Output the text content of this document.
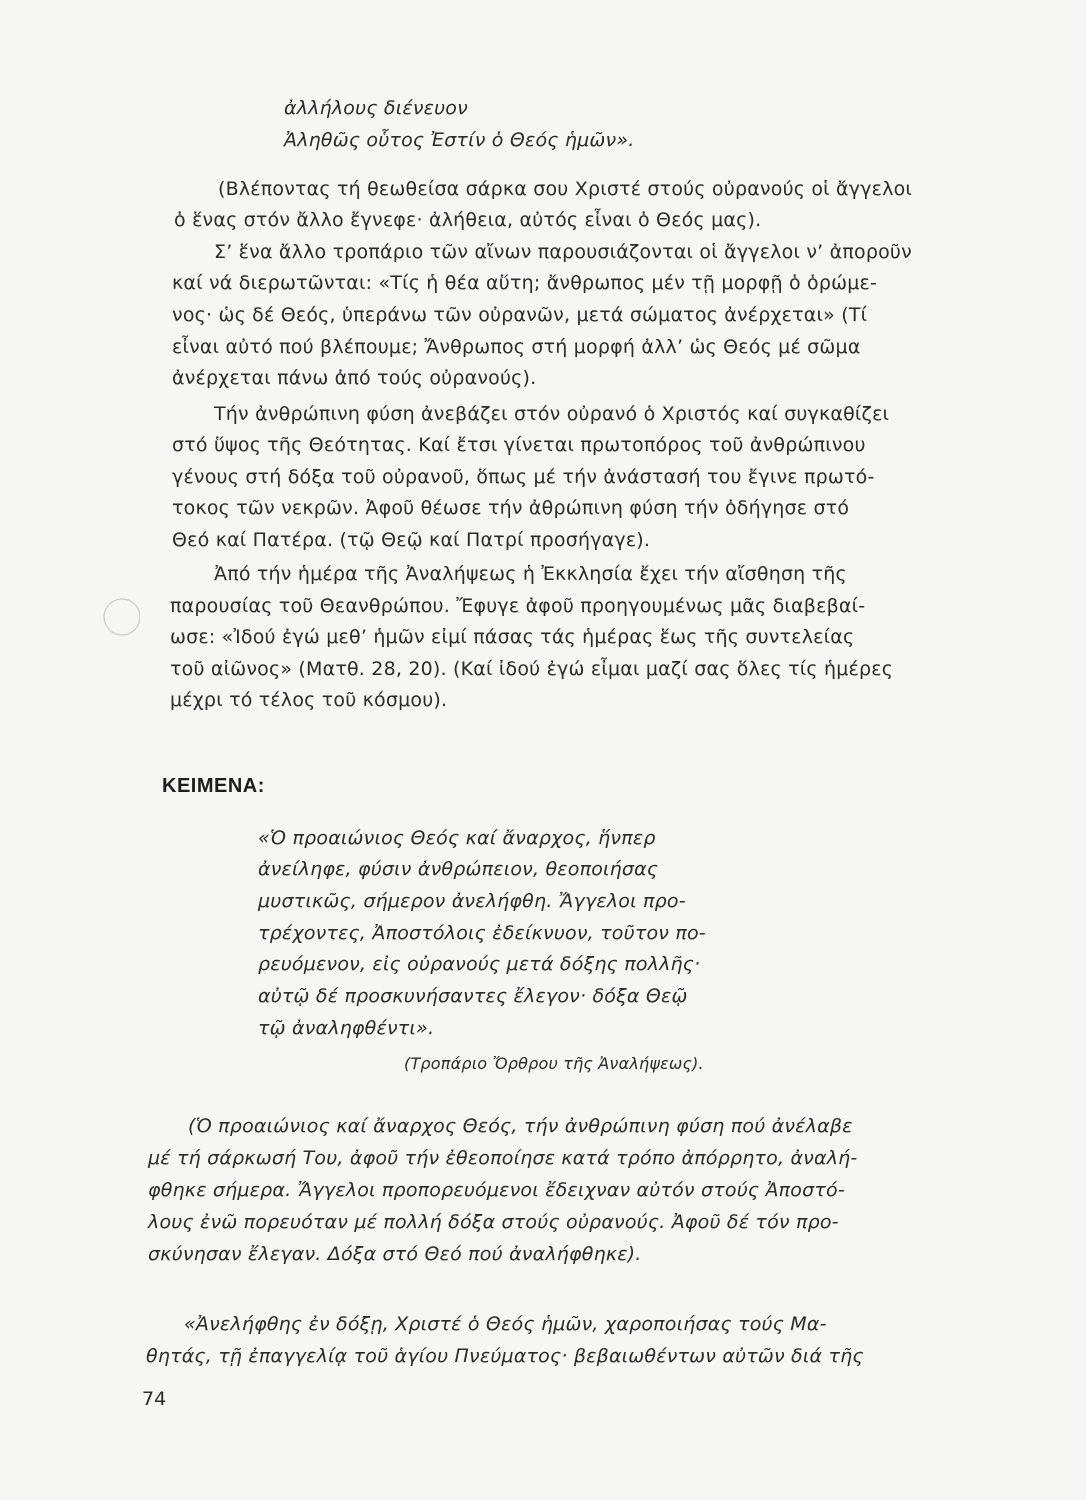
ἀλλήλους διένευον
Ἀληθῶς οὗτος Ἐστίν ὁ Θεός ἡμῶν».
(Βλέποντας τή θεωθείσα σάρκα σου Χριστέ στούς οὐρανούς οἱ ἄγγελοι
ὁ ἕνας στόν ἄλλο ἔγνεφε· ἀλήθεια, αὐτός εἶναι ὁ Θεός μας).
Σ’ ἕνα ἄλλο τροπάριο τῶν αἴνων παρουσιάζονται οἱ ἄγγελοι ν’ ἀποροῦν
καί νά διερωτῶνται: «Τίς ἡ θέα αὕτη; ἄνθρωπος μέν τῇ μορφῇ ὁ ὁρώμε-
νος· ὡς δέ Θεός, ὑπεράνω τῶν οὐρανῶν, μετά σώματος ἀνέρχεται» (Τί
εἶναι αὐτό πού βλέπουμε; Ἄνθρωπος στή μορφή ἀλλ’ ὡς Θεός μέ σῶμα
ἀνέρχεται πάνω ἀπό τούς οὐρανούς).
Τήν ἀνθρώπινη φύση ἀνεβάζει στόν οὐρανό ὁ Χριστός καί συγκαθίζει
στό ὕψος τῆς Θεότητας. Καί ἔτσι γίνεται πρωτοπόρος τοῦ ἀνθρώπινου
γένους στή δόξα τοῦ οὐρανοῦ, ὅπως μέ τήν ἀνάστασή του ἔγινε πρωτό-
τοκος τῶν νεκρῶν. Ἀφοῦ θέωσε τήν ἀθρώπινη φύση τήν ὁδήγησε στό
Θεό καί Πατέρα. (τῷ Θεῷ καί Πατρί προσήγαγε).
Ἀπό τήν ἡμέρα τῆς Ἀναλήψεως ἡ Ἐκκλησία ἔχει τήν αἴσθηση τῆς
παρουσίας τοῦ Θεανθρώπου. Ἔφυγε ἀφοῦ προηγουμένως μᾶς διαβεβαί-
ωσε: «Ἰδού ἐγώ μεθ’ ἡμῶν εἰμί πάσας τάς ἡμέρας ἕως τῆς συντελείας
τοῦ αἰῶνος» (Ματθ. 28, 20). (Καί ἰδού ἐγώ εἶμαι μαζί σας ὅλες τίς ἡμέρες
μέχρι τό τέλος τοῦ κόσμου).
ΚΕΙΜΕΝΑ:
«Ὁ προαιώνιος Θεός καί ἄναρχος, ἥνπερ
ἀνείληφε, φύσιν ἀνθρώπειον, θεοποιήσας
μυστικῶς, σήμερον ἀνελήφθη. Ἄγγελοι προ-
τρέχοντες, Ἀποστόλοις ἐδείκνυον, τοῦτον πο-
ρευόμενον, εἰς οὐρανούς μετά δόξης πολλῆς·
αὐτῷ δέ προσκυνήσαντες ἔλεγον· δόξα Θεῷ
τῷ ἀναληφθέντι».
(Τροπάριο Ὄρθρου τῆς Ἀναλήψεως).
(Ὁ προαιώνιος καί ἄναρχος Θεός, τήν ἀνθρώπινη φύση πού ἀνέλαβε
μέ τή σάρκωσή Του, ἀφοῦ τήν ἐθεοποίησε κατά τρόπο ἀπόρρητο, ἀναλή-
φθηκε σήμερα. Ἄγγελοι προπορευόμενοι ἔδειχναν αὐτόν στούς Ἀποστό-
λους ἐνῶ πορευόταν μέ πολλή δόξα στούς οὐρανούς. Ἀφοῦ δέ τόν προ-
σκύνησαν ἔλεγαν. Δόξα στό Θεό πού ἀναλήφθηκε).
«Ἀνελήφθης ἐν δόξῃ, Χριστέ ὁ Θεός ἡμῶν, χαροποιήσας τούς Μα-
θητάς, τῇ ἐπαγγελίᾳ τοῦ ἁγίου Πνεύματος· βεβαιωθέντων αὐτῶν διά τῆς
74
